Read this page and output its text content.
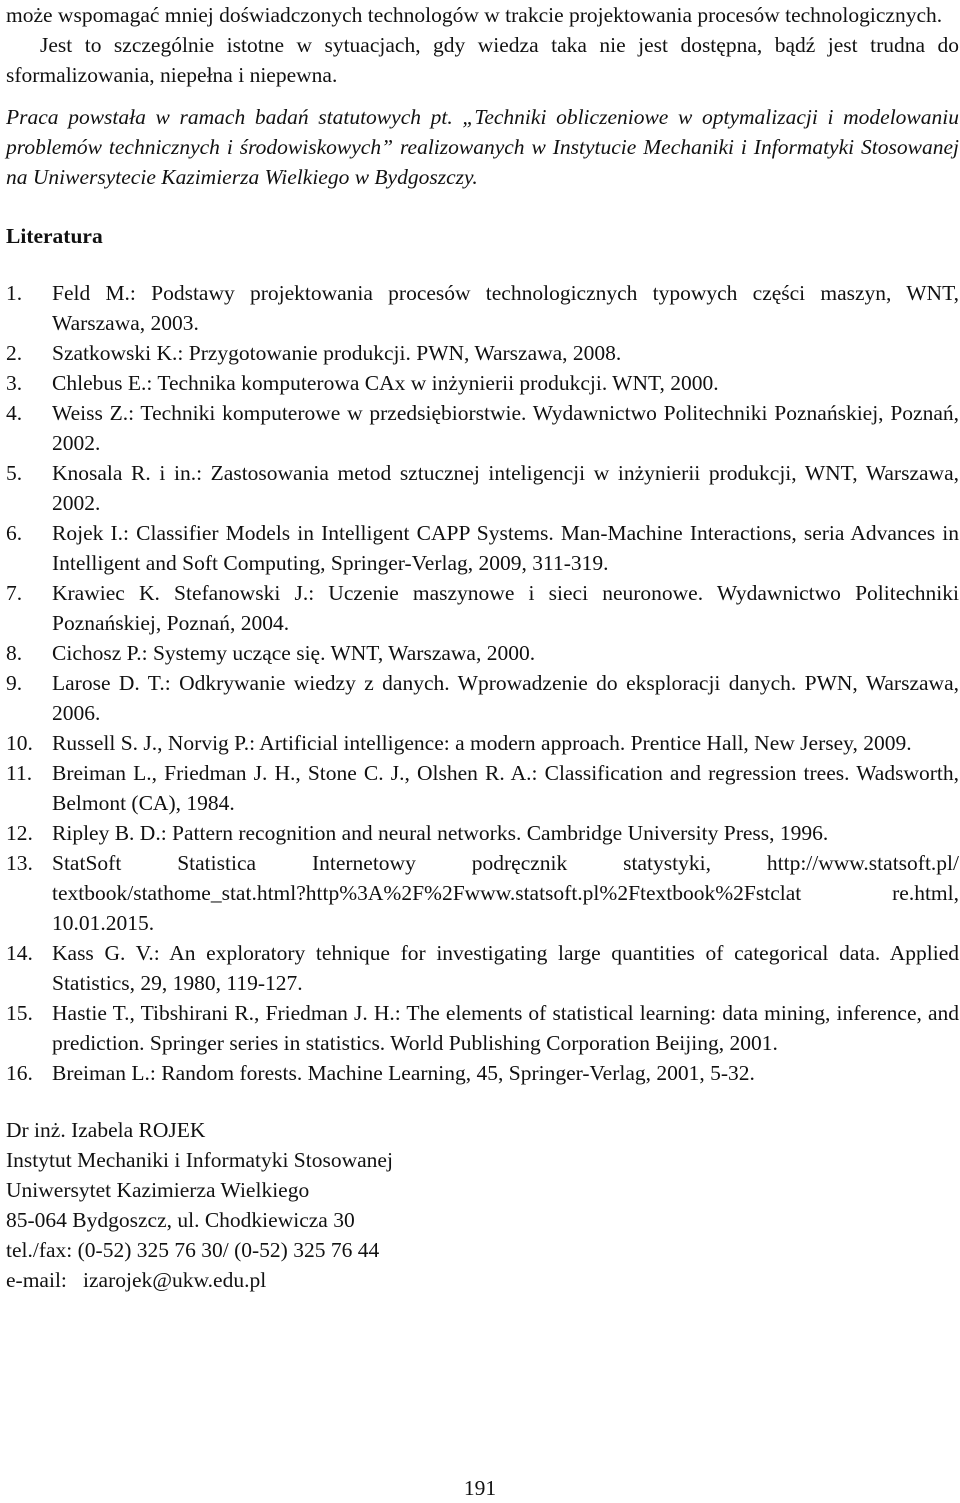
może wspomagać mniej doświadczonych technologów w trakcie projektowania procesów technologicznych.

Jest to szczególnie istotne w sytuacjach, gdy wiedza taka nie jest dostępna, bądź jest trudna do sformalizowania, niepełna i niepewna.

Praca powstała w ramach badań statutowych pt. „Techniki obliczeniowe w optymalizacji i modelowaniu problemów technicznych i środowiskowych” realizowanych w Instytucie Mechaniki i Informatyki Stosowanej na Uniwersytecie Kazimierza Wielkiego w Bydgoszczy.

Literatura
1 . Feld M.: Podstawy projektowania procesów technologicznych typowych części maszyn, WNT, Warszawa, 2003.
2 . Szatkowski K.: Przygotowanie produkcji. PWN, Warszawa, 2008.
3 . Chlebus E.: Technika komputerowa CAx w inżynierii produkcji. WNT, 2000.
4 . Weiss Z.: Techniki komputerowe w przedsiębiorstwie. Wydawnictwo Politechniki Poznańskiej, Poznań, 2002.
5 . Knosala R. i in.: Zastosowania metod sztucznej inteligencji w inżynierii produkcji, WNT, Warszawa, 2002.
6 . Rojek I.: Classifier Models in Intelligent CAPP Systems. Man-Machine Interactions, seria Advances in Intelligent and Soft Computing, Springer-Verlag, 2009, 311-319.
7 . Krawiec K. Stefanowski J.: Uczenie maszynowe i sieci neuronowe. Wydawnictwo Politechniki Poznańskiej, Poznań, 2004.
8 . Cichosz P.: Systemy uczące się. WNT, Warszawa, 2000.
9 . Larose D. T.: Odkrywanie wiedzy z danych. Wprowadzenie do eksploracji danych. PWN, Warszawa, 2006.
10 . Russell S. J., Norvig P.: Artificial intelligence: a modern approach. Prentice Hall, New Jersey, 2009.
11 . Breiman L., Friedman J. H., Stone C. J., Olshen R. A.: Classification and regression trees. Wadsworth, Belmont (CA), 1984.
12 . Ripley B. D.: Pattern recognition and neural networks. Cambridge University Press, 1996.
13 . StatSoft Statistica Internetowy podręcznik statystyki, http://www.statsoft.pl/ textbook/stathome_stat.html?http%3A%2F%2Fwww.statsoft.pl%2Ftextbook%2Fstclat re.html, 10.01.2015.
14 . Kass G. V.: An exploratory tehnique for investigating large quantities of categorical data. Applied Statistics, 29, 1980, 119-127.
15 . Hastie T., Tibshirani R., Friedman J. H.: The elements of statistical learning: data mining, inference, and prediction. Springer series in statistics. World Publishing Corporation Beijing, 2001.
16 . Breiman L.: Random forests. Machine Learning, 45, Springer-Verlag, 2001, 5-32.
Dr inż. Izabela ROJEK
Instytut Mechaniki i Informatyki Stosowanej
Uniwersytet Kazimierza Wielkiego
85-064 Bydgoszcz, ul. Chodkiewicza 30
tel./fax: (0-52) 325 76 30/ (0-52) 325 76 44
e-mail:   izarojek@ukw.edu.pl
191
